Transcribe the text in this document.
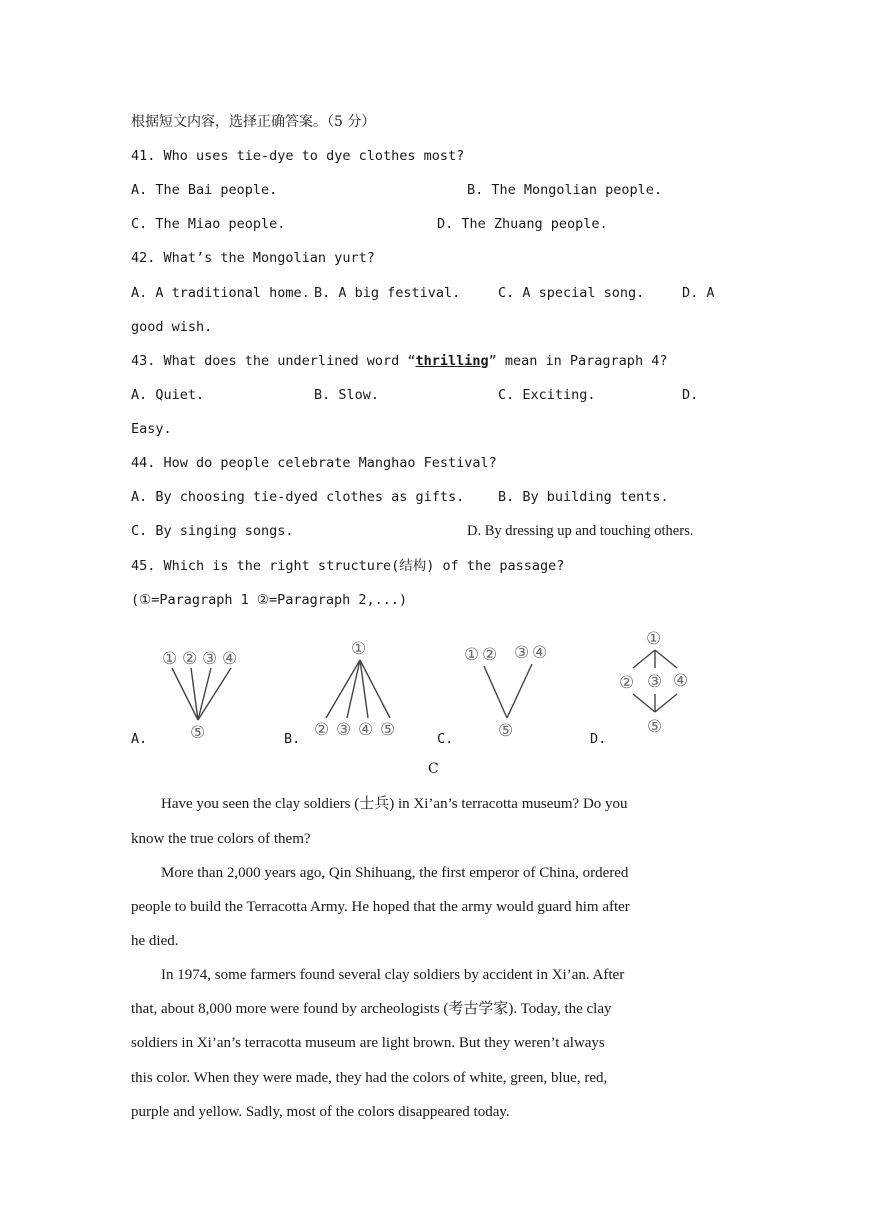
根据短文内容，选择正确答案。（5 分）
41. Who uses tie-dye to dye clothes most?
A. The Bai people.	B. The Mongolian people.
C. The Miao people.	D. The Zhuang people.
42. What’s the Mongolian yurt?
A. A traditional home. B. A big festival.	C. A special song.	D. A
good wish.
43. What does the underlined word “thrilling” mean in Paragraph 4?
A. Quiet.	B. Slow.	C. Exciting.	D.
Easy.
44. How do people celebrate Manghao Festival?
A. By choosing tie-dyed clothes as gifts.	B. By building tents.
C. By singing songs.	D. By dressing up and touching others.
45. Which is the right structure(结构) of the passage?
(①=Paragraph 1 ②=Paragraph 2,...)
① ② ③ ④
⑤
A.
①
② ③ ④ ⑤
B.
① ② ③ ④
⑤
C.
①
② ③ ④
⑤
D.
C
Have you seen the clay soldiers (士兵) in Xi’an’s terracotta museum? Do you
know the true colors of them?
More than 2,000 years ago, Qin Shihuang, the first emperor of China, ordered
people to build the Terracotta Army. He hoped that the army would guard him after
he died.
In 1974, some farmers found several clay soldiers by accident in Xi’an. After
that, about 8,000 more were found by archeologists (考古学家). Today, the clay
soldiers in Xi’an’s terracotta museum are light brown. But they weren’t always
this color. When they were made, they had the colors of white, green, blue, red,
purple and yellow. Sadly, most of the colors disappeared today.
